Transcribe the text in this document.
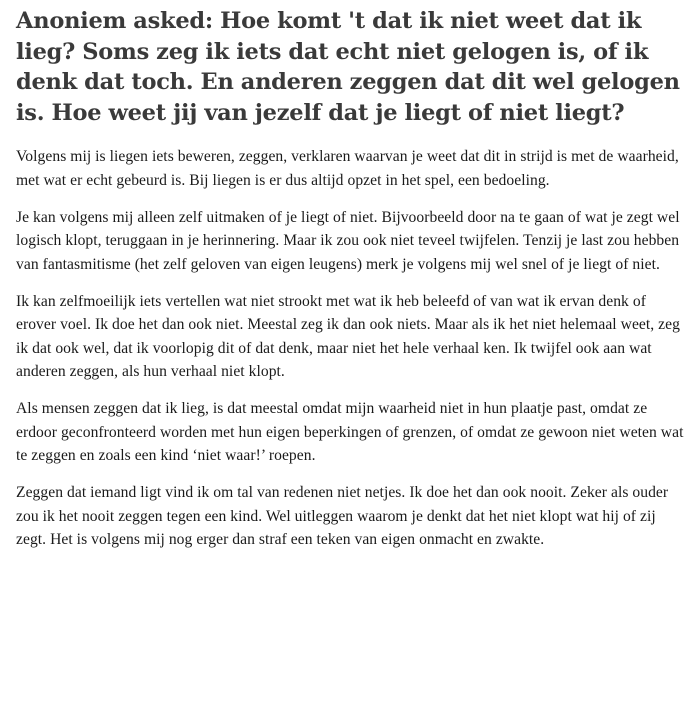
Anoniem asked: Hoe komt 't dat ik niet weet dat ik lieg? Soms zeg ik iets dat echt niet gelogen is, of ik denk dat toch. En anderen zeggen dat dit wel gelogen is. Hoe weet jij van jezelf dat je liegt of niet liegt?

Volgens mij is liegen iets beweren, zeggen, verklaren waarvan je weet dat dit in strijd is met de waarheid, met wat er echt gebeurd is. Bij liegen is er dus altijd opzet in het spel, een bedoeling.

Je kan volgens mij alleen zelf uitmaken of je liegt of niet. Bijvoorbeeld door na te gaan of wat je zegt wel logisch klopt, teruggaan in je herinnering. Maar ik zou ook niet teveel twijfelen. Tenzij je last zou hebben van fantasmitisme (het zelf geloven van eigen leugens) merk je volgens mij wel snel of je liegt of niet.

Ik kan zelfmoeilijk iets vertellen wat niet strookt met wat ik heb beleefd of van wat ik ervan denk of erover voel. Ik doe het dan ook niet. Meestal zeg ik dan ook niets. Maar als ik het niet helemaal weet, zeg ik dat ook wel, dat ik voorlopig dit of dat denk, maar niet het hele verhaal ken. Ik twijfel ook aan wat anderen zeggen, als hun verhaal niet klopt.

Als mensen zeggen dat ik lieg, is dat meestal omdat mijn waarheid niet in hun plaatje past, omdat ze erdoor geconfronteerd worden met hun eigen beperkingen of grenzen, of omdat ze gewoon niet weten wat te zeggen en zoals een kind ‘niet waar!’ roepen.

Zeggen dat iemand ligt vind ik om tal van redenen niet netjes. Ik doe het dan ook nooit. Zeker als ouder zou ik het nooit zeggen tegen een kind. Wel uitleggen waarom je denkt dat het niet klopt wat hij of zij zegt. Het is volgens mij nog erger dan straf een teken van eigen onmacht en zwakte.
